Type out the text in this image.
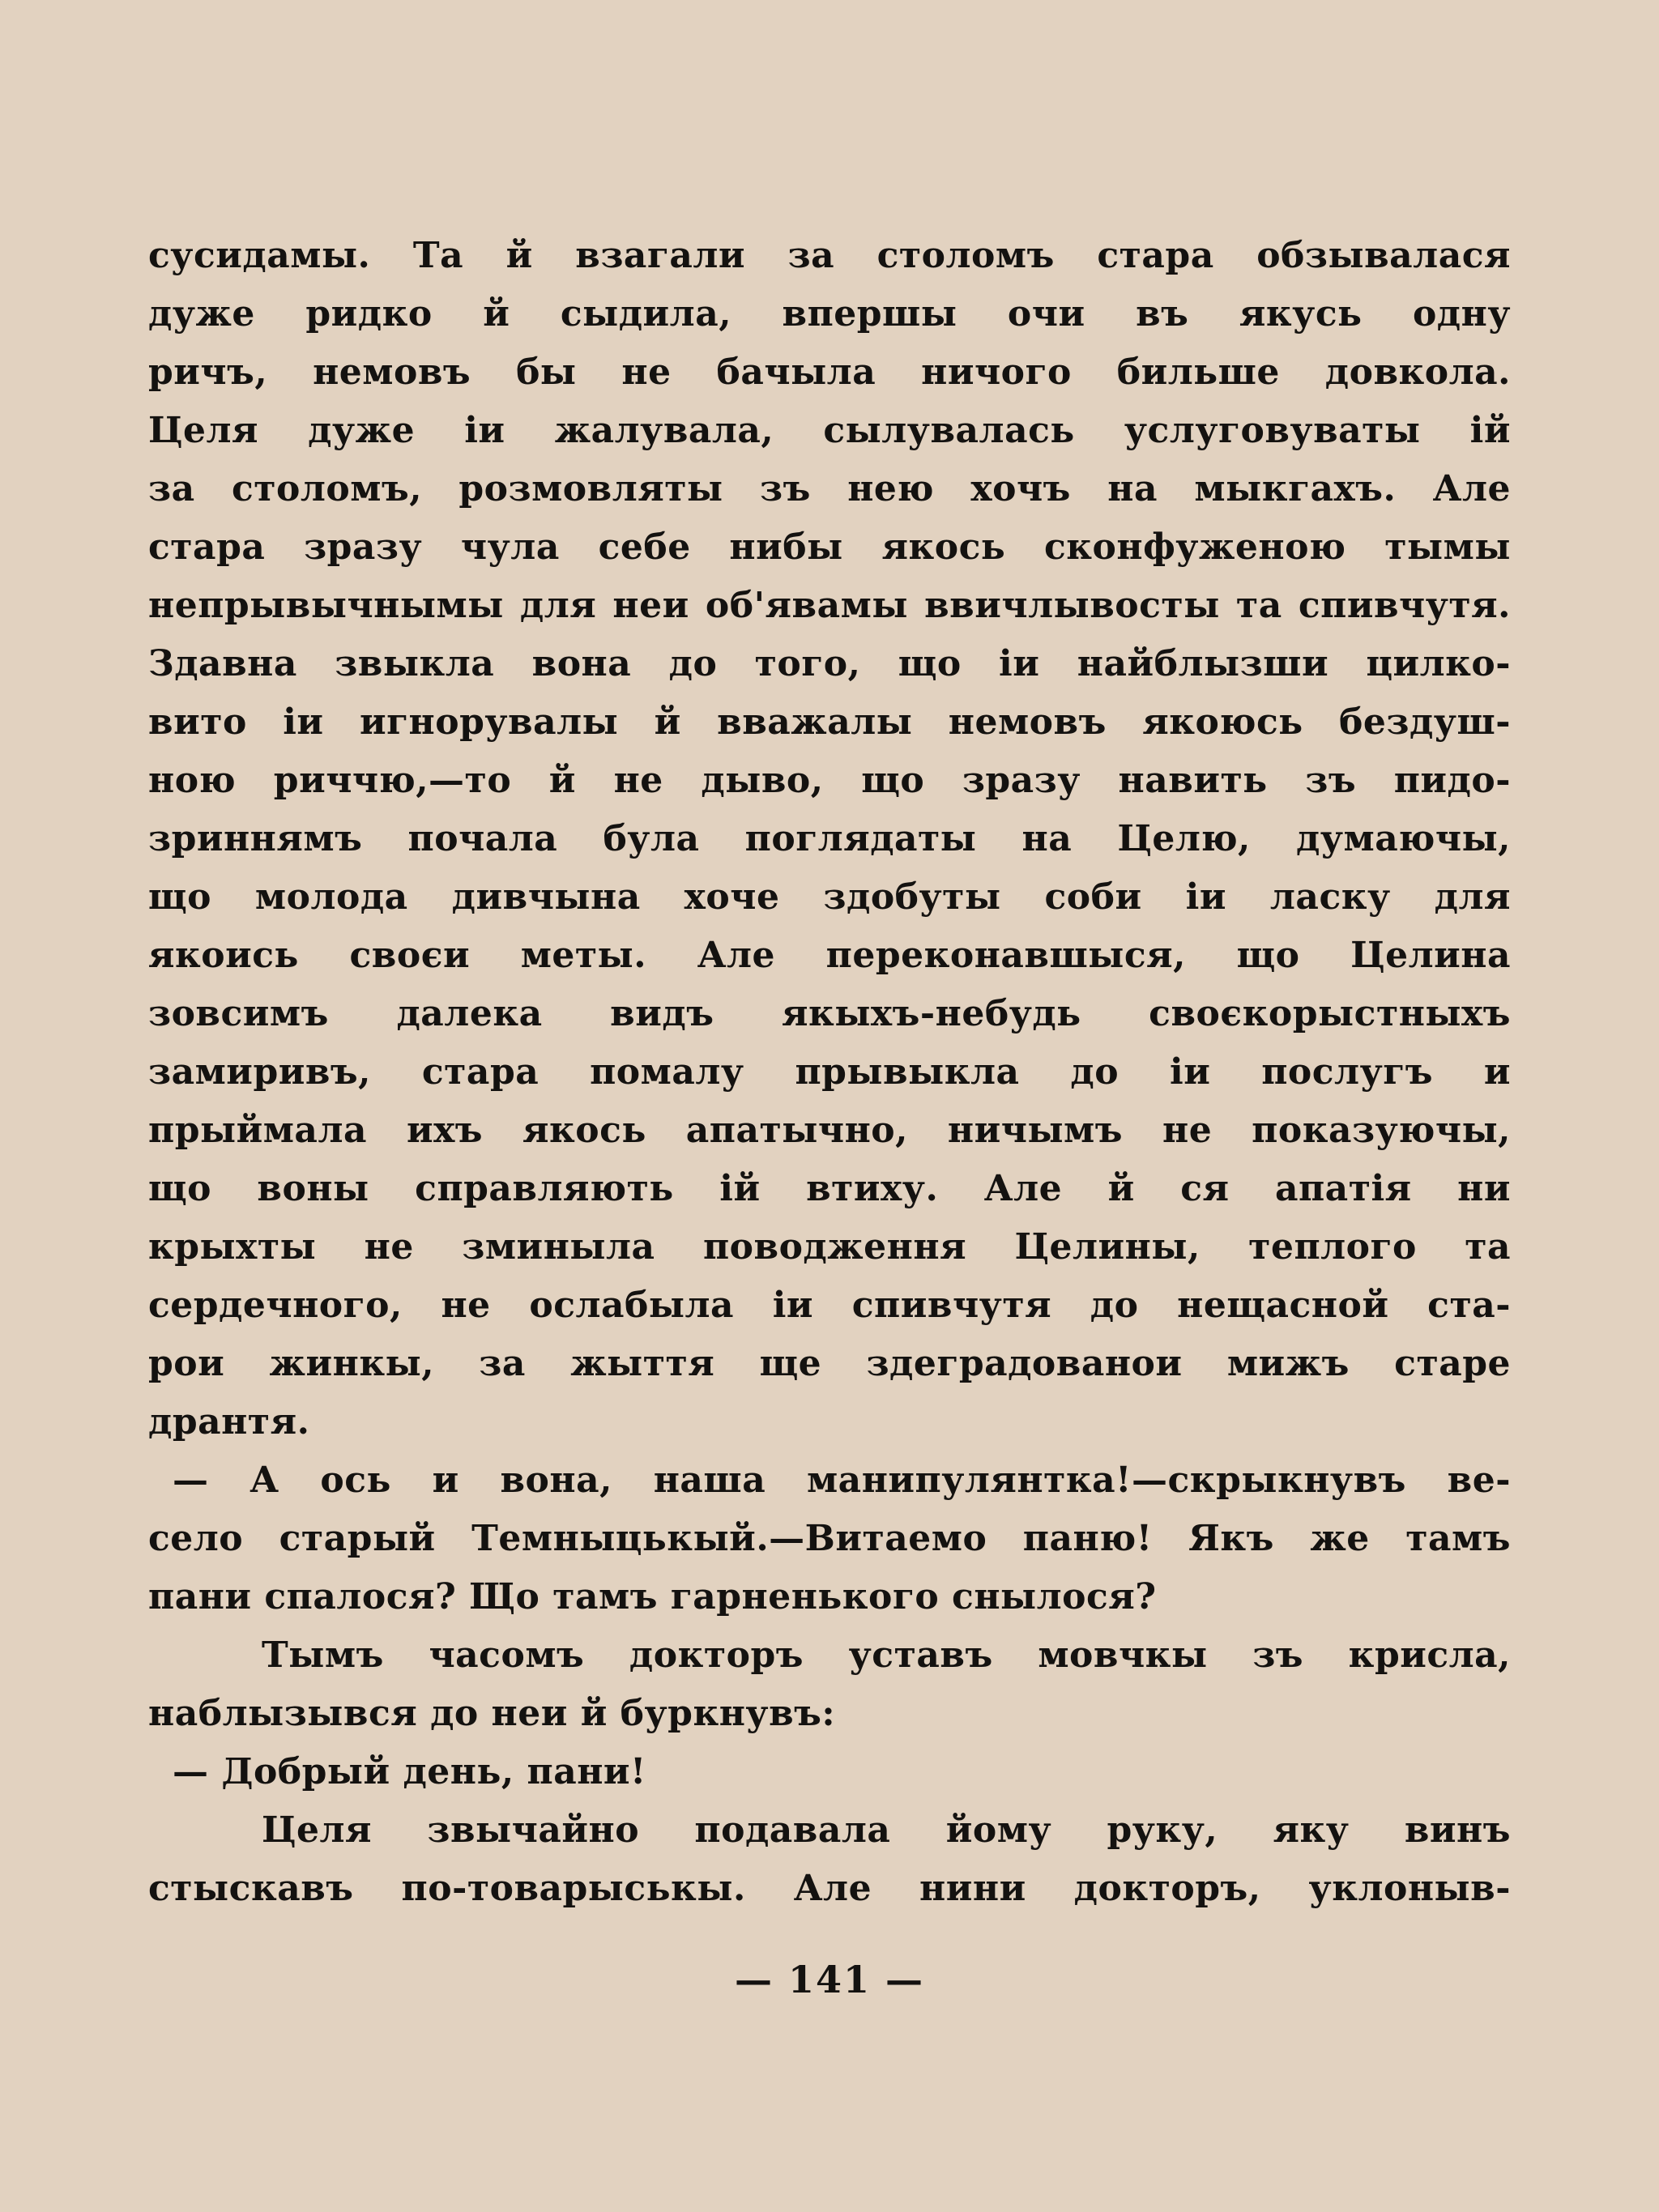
сусидамы. Та й взагали за столомъ стара обзывалася
дуже ридко й сыдила, впершы очи въ якусь одну
ричъ, немовъ бы не бачыла ничого бильше довкола.
Целя дуже іи жалувала, сылувалась услуговуваты ій
за столомъ, розмовляты зъ нею хочъ на мыкгахъ. Але
стара зразу чула себе нибы якось сконфуженою тымы
непрывычнымы для неи об'явамы ввичлывосты та спивчутя.
Здавна звыкла вона до того, що іи найблызши цилко-
вито іи игнорувалы й вважалы немовъ якоюсь бездуш-
ною риччю,—то й не дыво, що зразу навить зъ пидо-
зриннямъ почала була поглядаты на Целю, думаючы,
що молода дивчына хоче здобуты соби іи ласку для
якоись своєи меты. Але переконавшыся, що Целина
зовсимъ далека видъ якыхъ-небудь своєкорыстныхъ
замиривъ, стара помалу прывыкла до іи послугъ и
прыймала ихъ якось апатычно, ничымъ не показуючы,
що воны справляють ій втиху. Але й ся апатія ни
крыхты не зминыла поводження Целины, теплого та
сердечного, не ослабыла іи спивчутя до нещасной ста-
рои жинкы, за жыття ще здеградованои мижъ старе
дрантя.
— А ось и вона, наша манипулянтка!—скрыкнувъ ве-
село старый Темныцькый.—Витаемо паню! Якъ же тамъ
пани спалося? Що тамъ гарненького снылося?
Тымъ часомъ докторъ уставъ мовчкы зъ крисла,
наблызывся до неи й буркнувъ:
— Добрый день, пани!
Целя звычайно подавала йому руку, яку винъ
стыскавъ по-товарыськы. Але нини докторъ, уклоныв-
— 141 —
